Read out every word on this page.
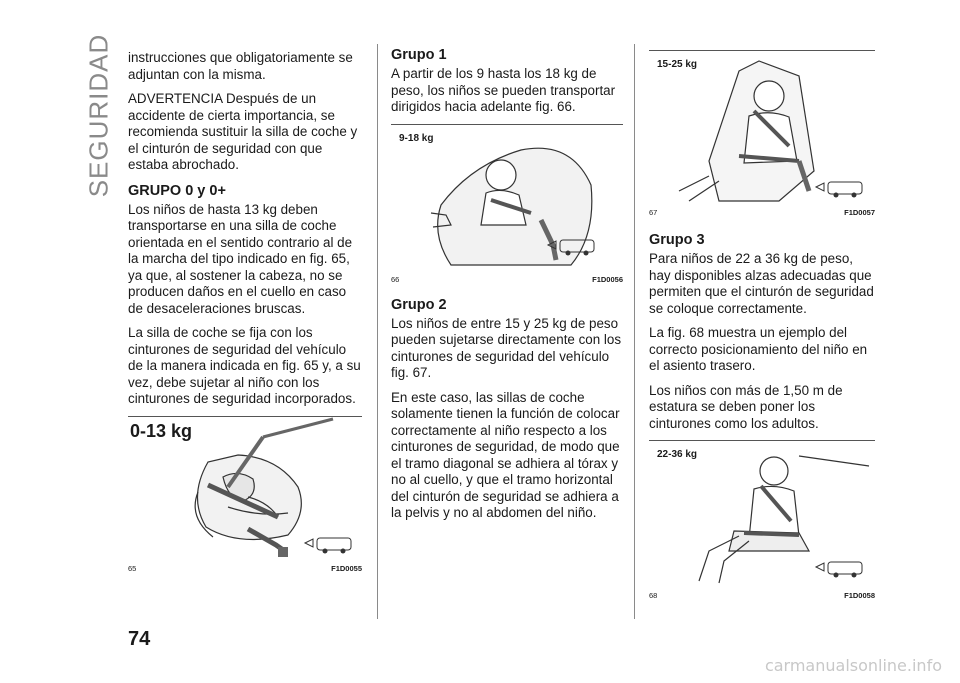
SEGURIDAD instrucciones que obligatoriamente se adjuntan con la misma.

ADVERTENCIA Después de un accidente de cierta importancia, se recomienda sustituir la silla de coche y el cinturón de seguridad con que estaba abrochado.

GRUPO 0 y 0+

Los niños de hasta 13 kg deben transportarse en una silla de coche orientada en el sentido contrario al de la marcha del tipo indicado en fig. 65, ya que, al sostener la cabeza, no se producen daños en el cuello en caso de desaceleraciones bruscas.

La silla de coche se fija con los cinturones de seguridad del vehículo de la manera indicada en fig. 65 y, a su vez, debe sujetar al niño con los cinturones de seguridad incorporados.

0-13 kg
65	F1D0055
Grupo 1

A partir de los 9 hasta los 18 kg de peso, los niños se pueden transportar dirigidos hacia adelante fig. 66.

9-18 kg
66	F1D0056
Grupo 2

Los niños de entre 15 y 25 kg de peso pueden sujetarse directamente con los cinturones de seguridad del vehículo fig. 67.

En este caso, las sillas de coche solamente tienen la función de colocar correctamente al niño respecto a los cinturones de seguridad, de modo que el tramo diagonal se adhiera al tórax y no al cuello, y que el tramo horizontal del cinturón de seguridad se adhiera a la pelvis y no al abdomen del niño.

15-25 kg
67	F1D0057
Grupo 3

Para niños de 22 a 36 kg de peso, hay disponibles alzas adecuadas que permiten que el cinturón de seguridad se coloque correctamente.

La fig. 68 muestra un ejemplo del correcto posicionamiento del niño en el asiento trasero.

Los niños con más de 1,50 m de estatura se deben poner los cinturones como los adultos.

22-36 kg
68	F1D0058
74
carmanualsonline.info
